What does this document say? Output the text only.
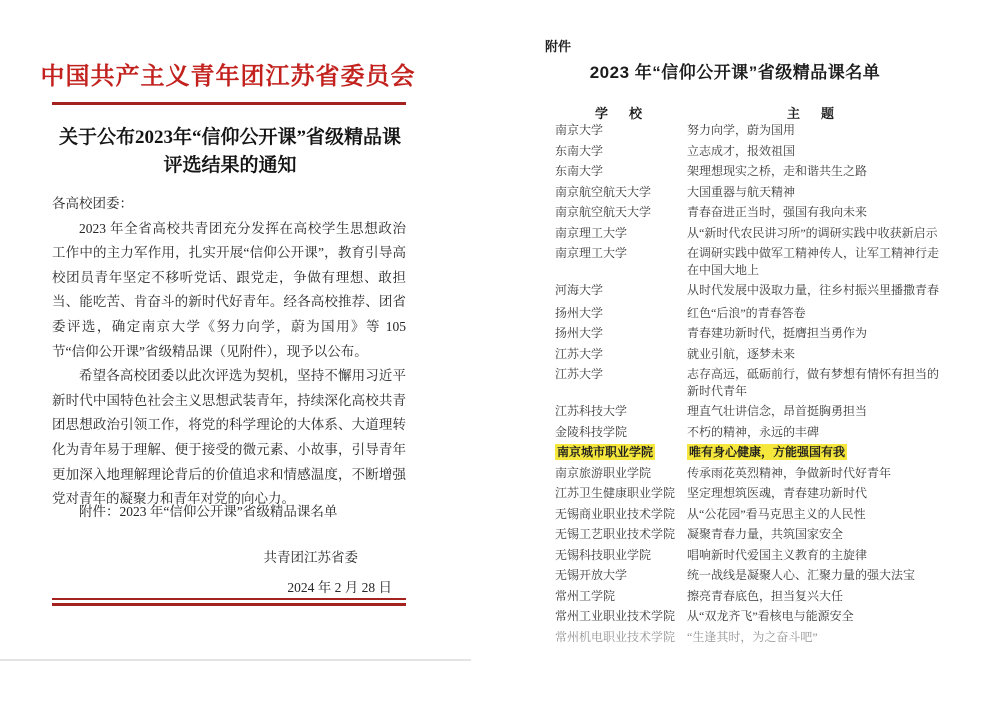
中国共产主义青年团江苏省委员会
关于公布2023年“信仰公开课”省级精品课
评选结果的通知

各高校团委：

2023 年全省高校共青团充分发挥在高校学生思想政治工作中的主力军作用，扎实开展“信仰公开课”，教育引导高校团员青年坚定不移听党话、跟党走，争做有理想、敢担当、能吃苦、肯奋斗的新时代好青年。经各高校推荐、团省委评选，确定南京大学《努力向学，蔚为国用》等 105 节“信仰公开课”省级精品课（见附件），现予以公布。

希望各高校团委以此次评选为契机，坚持不懈用习近平新时代中国特色社会主义思想武装青年，持续深化高校共青团思想政治引领工作，将党的科学理论的大体系、大道理转化为青年易于理解、便于接受的微元素、小故事，引导青年更加深入地理解理论背后的价值追求和情感温度，不断增强党对青年的凝聚力和青年对党的向心力。

附件：2023 年“信仰公开课”省级精品课名单
共青团江苏省委
2024 年 2 月 28 日
附件
2023 年“信仰公开课”省级精品课名单
学　校	主　题
南京大学	努力向学，蔚为国用
东南大学	立志成才，报效祖国
东南大学	架理想现实之桥，走和谐共生之路
南京航空航天大学	大国重器与航天精神
南京航空航天大学	青春奋进正当时，强国有我向未来
南京理工大学	从“新时代农民讲习所”的调研实践中收获新启示
南京理工大学	在调研实践中做军工精神传人，让军工精神行走在中国大地上
河海大学	从时代发展中汲取力量，往乡村振兴里播撒青春
扬州大学	红色“后浪”的青春答卷
扬州大学	青春建功新时代，挺膺担当勇作为
江苏大学	就业引航，逐梦未来
江苏大学	志存高远，砥砺前行，做有梦想有情怀有担当的新时代青年
江苏科技大学	理直气壮讲信念，昂首挺胸勇担当
金陵科技学院	不朽的精神，永远的丰碑
南京城市职业学院	唯有身心健康，方能强国有我
南京旅游职业学院	传承雨花英烈精神，争做新时代好青年
江苏卫生健康职业学院 坚定理想筑医魂，青春建功新时代
无锡商业职业技术学院 从“公花园”看马克思主义的人民性
无锡工艺职业技术学院 凝聚青春力量，共筑国家安全
无锡科技职业学院	唱响新时代爱国主义教育的主旋律
无锡开放大学	统一战线是凝聚人心、汇聚力量的强大法宝
常州工学院	擦亮青春底色，担当复兴大任
常州工业职业技术学院 从“双龙齐飞”看核电与能源安全
常州机电职业技术学院 “生逢其时，为之奋斗吧”
